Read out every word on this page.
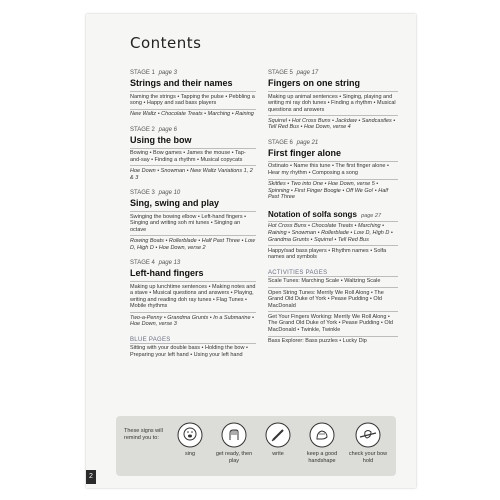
Contents

STAGE 1 page 3

Strings and their names
Naming the strings • Tapping the pulse • Pebbling a song • Happy and sad bass players
New Waltz • Chocolate Treats • Marching • Raining

STAGE 2 page 6

Using the bow
Bowing • Bow games • James the mouse • Tap-and-say • Finding a rhythm • Musical copycats
Hoe Down • Snowman • New Waltz Variations 1, 2 & 3

STAGE 3 page 10

Sing, swing and play
Swinging the bowing elbow • Left-hand fingers • Singing and writing soh mi tunes • Singing an octave
Rowing Boats • Rollerblade • Half Past Three • Low D, High D • Hoe Down, verse 2

STAGE 4 page 13

Left-hand fingers
Making up lunchtime sentences • Making notes and a stave • Musical questions and answers • Playing, writing and reading doh ray tunes • Flag Tunes • Mobile rhythms
Two-a-Penny • Grandma Grunts • In a Submarine • Hoe Down, verse 3
BLUE PAGES
Sitting with your double bass • Holding the bow • Preparing your left hand • Using your left hand

STAGE 5 page 17

Fingers on one string
Making up animal sentences • Singing, playing and writing mi ray doh tunes • Finding a rhythm • Musical questions and answers
Squirrel • Hot Cross Buns • Jackdaw • Sandcastles • Tell Red Bus • Hoe Down, verse 4

STAGE 6 page 21

First finger alone
Ostinato • Name this tune • The first finger alone • Hear my rhythm • Composing a song
Skittles • Two into One • Hoe Down, verse 5 • Spinning • First Finger Boogie • Off We Go! • Half Past Three
Notation of solfa songs page 27
Hot Cross Buns • Chocolate Treats • Marching • Raining • Snowman • Rollerblade • Low D, High D • Grandma Grunts • Squirrel • Tell Red Bus
Happy/sad bass players • Rhythm names • Solfa names and symbols
ACTIVITIES PAGES
Scale Tunes: Marching Scale • Waltzing Scale
Open String Tunes: Merrily We Roll Along • The Grand Old Duke of York • Pease Pudding • Old MacDonald
Get Your Fingers Working: Merrily We Roll Along • The Grand Old Duke of York • Pease Pudding • Old MacDonald • Twinkle, Twinkle
Bass Explorer: Bass puzzles • Lucky Dip
These signs will remind you to:
sing	get ready, then play
write	keep a good handshape
check your bow hold
2
